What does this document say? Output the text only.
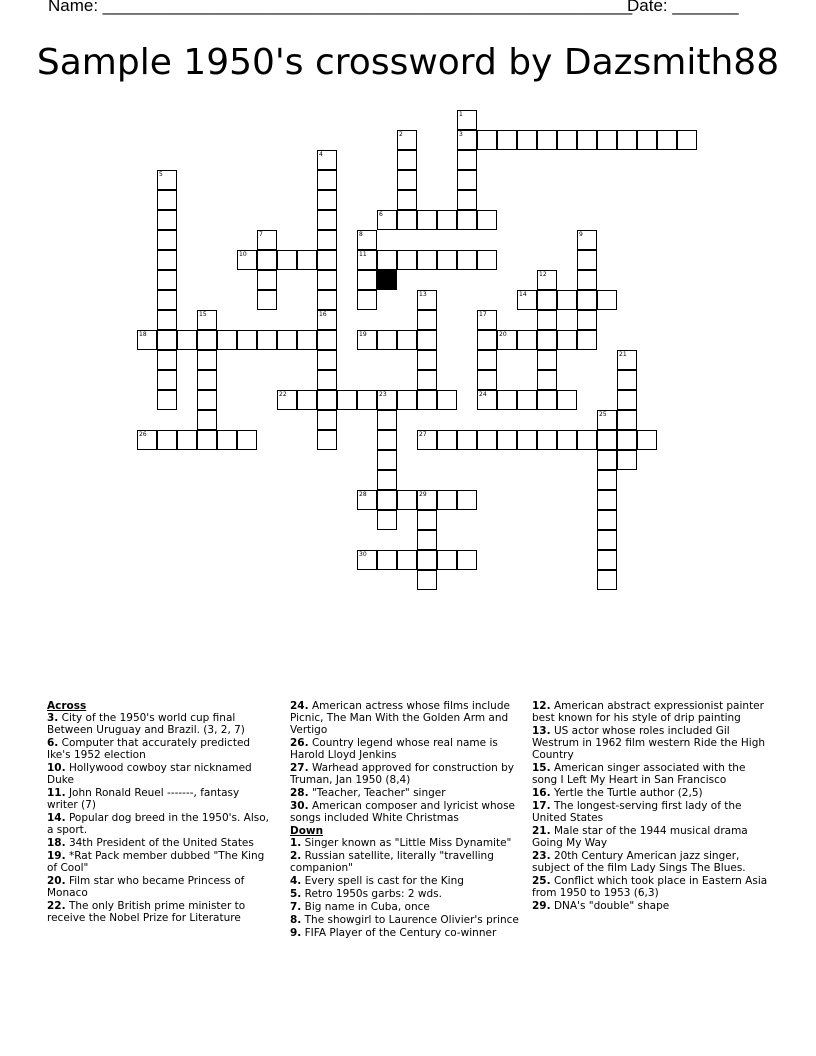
Name: ________________________________________________________
Date: _______
Sample 1950's crossword by Dazsmith88
1
3
2
4
16
5
6
7	8
11
9
10
12
13	14
15	17
24
18	19	20
21
22	23
25
26	27
28	29
30

Across

3. City of the 1950's world cup final Between Uruguay and Brazil. (3, 2, 7)
6. Computer that accurately predicted Ike's 1952 election
10. Hollywood cowboy star nicknamed Duke
11. John Ronald Reuel -------, fantasy writer (7)
14. Popular dog breed in the 1950's. Also, a sport.
18. 34th President of the United States
19. *Rat Pack member dubbed "The King of Cool"
20. Film star who became Princess of Monaco
22. The only British prime minister to receive the Nobel Prize for Literature
24. American actress whose films include Picnic, The Man With the Golden Arm and Vertigo
26. Country legend whose real name is Harold Lloyd Jenkins
27. Warhead approved for construction by Truman, Jan 1950 (8,4)
28. "Teacher, Teacher" singer
30. American composer and lyricist whose songs included White Christmas

Down

1. Singer known as "Little Miss Dynamite"
2. Russian satellite, literally "travelling companion"
4. Every spell is cast for the King
5. Retro 1950s garbs: 2 wds.
7. Big name in Cuba, once
8. The showgirl to Laurence Olivier's prince
9. FIFA Player of the Century co-winner
12. American abstract expressionist painter best known for his style of drip painting
13. US actor whose roles included Gil Westrum in 1962 film western Ride the High Country
15. American singer associated with the song I Left My Heart in San Francisco
16. Yertle the Turtle author (2,5)
17. The longest-serving first lady of the United States
21. Male star of the 1944 musical drama Going My Way
23. 20th Century American jazz singer, subject of the film Lady Sings The Blues.
25. Conflict which took place in Eastern Asia from 1950 to 1953 (6,3)
29. DNA's "double" shape
